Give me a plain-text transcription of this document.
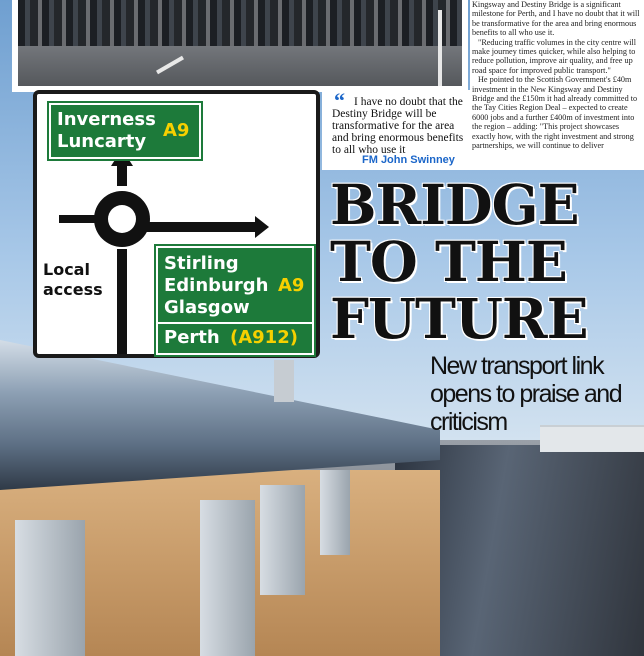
Inverness
Luncarty
A9
Local
access
Stirling
Edinburgh A9
Glasgow
Perth (A912)
“ I have no doubt that the Destiny Bridge will be transformative for the area and bring enormous benefits to all who use it
FM John Swinney

Kingsway and Destiny Bridge is a significant milestone for Perth, and I have no doubt that it will be transformative for the area and bring enormous benefits to all who use it.

"Reducing traffic volumes in the city centre will make journey times quicker, while also helping to reduce pollution, improve air quality, and free up road space for improved public transport."

He pointed to the Scottish Government's £40m investment in the New Kingsway and Destiny Bridge and the £150m it had already committed to the Tay Cities Region Deal – expected to create 6000 jobs and a further £400m of investment into the region – adding: "This project showcases exactly how, with the right investment and strong partnerships, we will continue to deliver

BRIDGE
TO THE
FUTURE
New transport link opens to praise and criticism
